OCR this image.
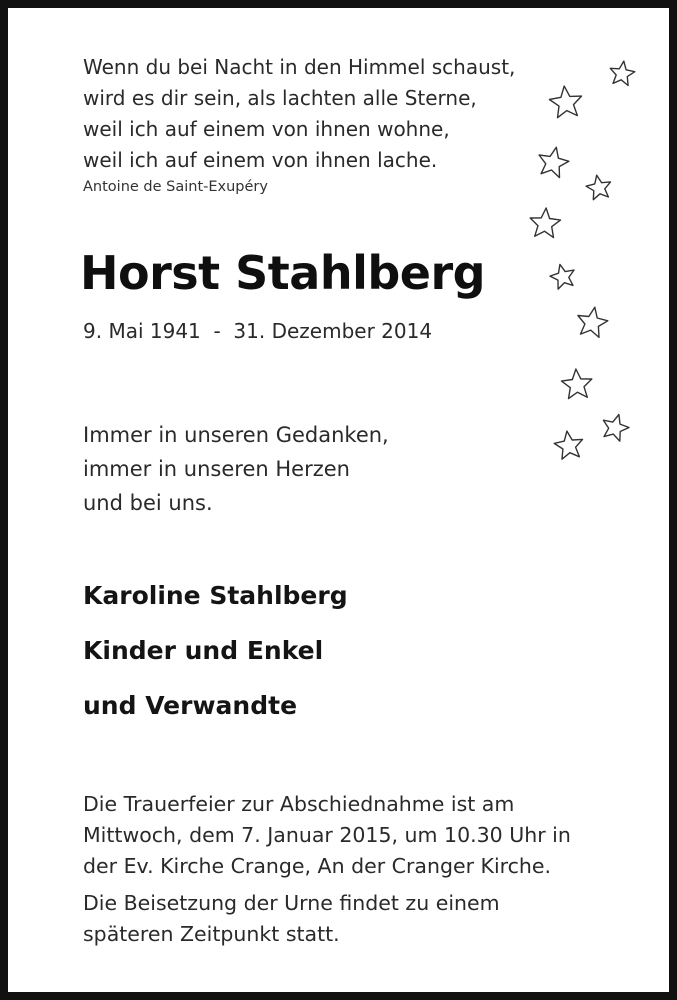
Wenn du bei Nacht in den Himmel schaust,
wird es dir sein, als lachten alle Sterne,
weil ich auf einem von ihnen wohne,
weil ich auf einem von ihnen lache.
Antoine de Saint-Exupéry
Horst Stahlberg
9. Mai 1941  -  31. Dezember 2014
Immer in unseren Gedanken,
immer in unseren Herzen
und bei uns.
Karoline Stahlberg
Kinder und Enkel
und Verwandte
Die Trauerfeier zur Abschiednahme ist am
Mittwoch, dem 7. Januar 2015, um 10.30 Uhr in
der Ev. Kirche Crange, An der Cranger Kirche.
Die Beisetzung der Urne findet zu einem
späteren Zeitpunkt statt.
